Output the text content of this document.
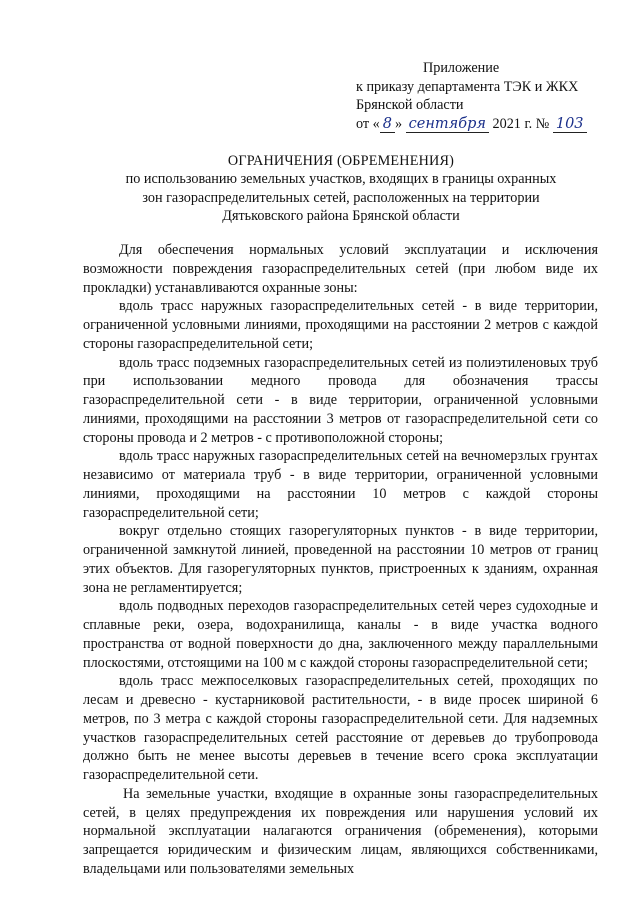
Приложение
к приказу департамента ТЭК и ЖКХ
Брянской области
от « 8 » сентября 2021 г. № 103
ОГРАНИЧЕНИЯ (ОБРЕМЕНЕНИЯ)
по использованию земельных участков, входящих в границы охранных
зон газораспределительных сетей, расположенных на территории
Дятьковского района Брянской области

Для обеспечения нормальных условий эксплуатации и исключения возможности повреждения газораспределительных сетей (при любом виде их прокладки) устанавливаются охранные зоны:

вдоль трасс наружных газораспределительных сетей - в виде территории, ограниченной условными линиями, проходящими на расстоянии 2 метров с каждой стороны газораспределительной сети;

вдоль трасс подземных газораспределительных сетей из полиэтиленовых труб при использовании медного провода для обозначения трассы газораспределительной сети - в виде территории, ограниченной условными линиями, проходящими на расстоянии 3 метров от газораспределительной сети со стороны провода и 2 метров - с противоположной стороны;

вдоль трасс наружных газораспределительных сетей на вечномерзлых грунтах независимо от материала труб - в виде территории, ограниченной условными линиями, проходящими на расстоянии 10 метров с каждой стороны газораспределительной сети;

вокруг отдельно стоящих газорегуляторных пунктов - в виде территории, ограниченной замкнутой линией, проведенной на расстоянии 10 метров от границ этих объектов. Для газорегуляторных пунктов, пристроенных к зданиям, охранная зона не регламентируется;

вдоль подводных переходов газораспределительных сетей через судоходные и сплавные реки, озера, водохранилища, каналы - в виде участка водного пространства от водной поверхности до дна, заключенного между параллельными плоскостями, отстоящими на 100 м с каждой стороны газораспределительной сети;

вдоль трасс межпоселковых газораспределительных сетей, проходящих по лесам и древесно - кустарниковой растительности, - в виде просек шириной 6 метров, по 3 метра с каждой стороны газораспределительной сети. Для надземных участков газораспределительных сетей расстояние от деревьев до трубопровода должно быть не менее высоты деревьев в течение всего срока эксплуатации газораспределительной сети.

На земельные участки, входящие в охранные зоны газораспределительных сетей, в целях предупреждения их повреждения или нарушения условий их нормальной эксплуатации налагаются ограничения (обременения), которыми запрещается юридическим и физическим лицам, являющихся собственниками, владельцами или пользователями земельных
